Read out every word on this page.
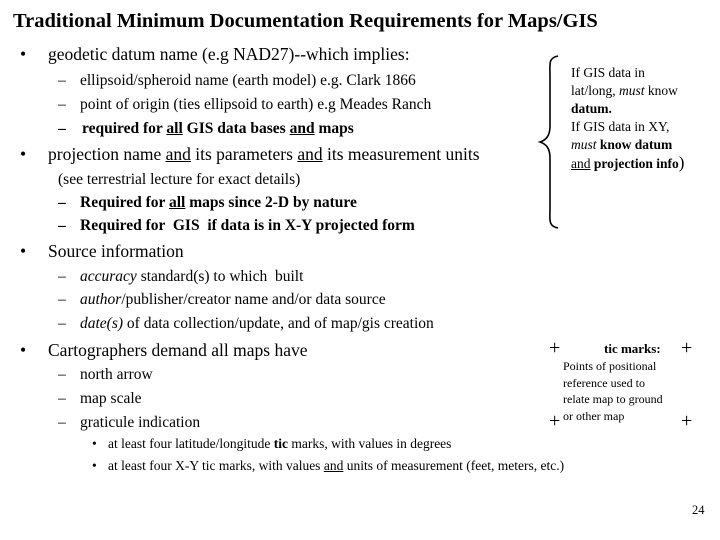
Traditional Minimum Documentation Requirements for Maps/GIS
• geodetic datum name (e.g NAD27)--which implies:
– ellipsoid/spheroid name (earth model) e.g. Clark 1866
– point of origin (ties ellipsoid to earth) e.g Meades Ranch
– required for all GIS data bases and maps
• projection name and its parameters and its measurement units
(see terrestrial lecture for exact details)
– Required for all maps since 2-D by nature
– Required for  GIS  if data is in X-Y projected form
• Source information
– accuracy standard(s) to which  built
– author/publisher/creator name and/or data source
– date(s) of data collection/update, and of map/gis creation
• Cartographers demand all maps have
– north arrow
– map scale
– graticule indication
If GIS data in
lat/long, must know
datum.
If GIS data in XY,
must know datum
and projection info)
+	+
+	+
tic marks:
Points of positional
reference used to
relate map to ground
or other map
• at least four latitude/longitude tic marks, with values in degrees
• at least four X-Y tic marks, with values and units of measurement (feet, meters, etc.)
24
